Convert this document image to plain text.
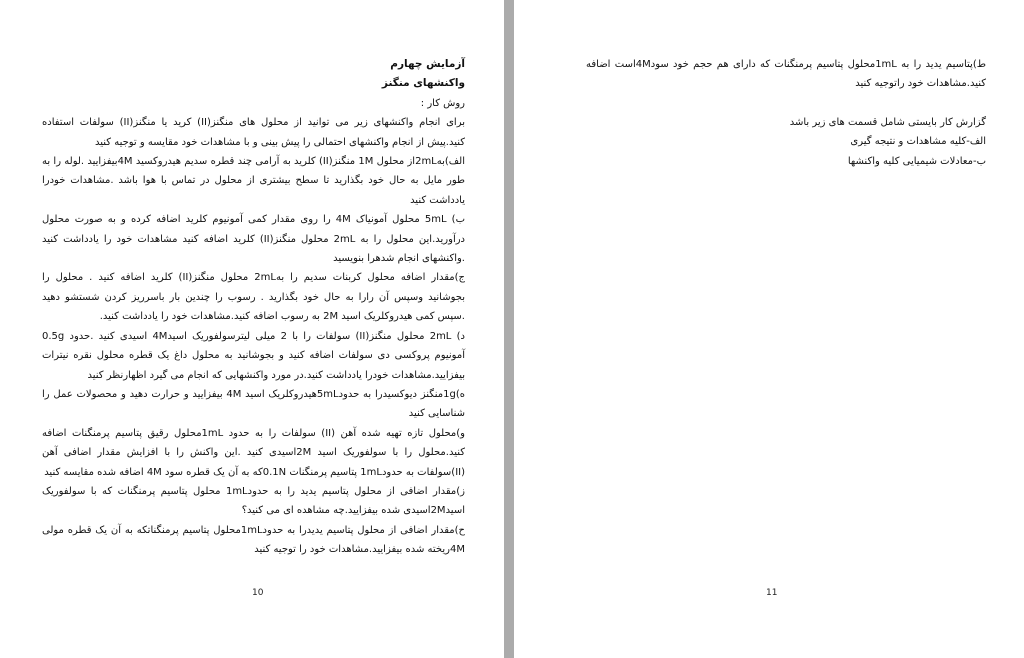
آزمایش چهارم

واکنشهای منگنز

روش کار :

برای انجام واکنشهای زیر می توانید از محلول های منگنز(II) کرید یا منگنز(II) سولفات استفاده کنید.پیش از انجام واکنشهای احتمالی را پیش بینی و با مشاهدات خود مقایسه و توجیه کنید

الف)به2mLاز محلول 1M منگنز(II) کلرید به آرامی چند قطره سدیم هیدروکسید 4Mبیفزایید .لوله را به طور مایل به حال خود بگذارید تا سطح بیشتری از محلول در تماس با هوا باشد .مشاهدات خودرا یادداشت کنید

ب) 5mL محلول آمونیاک 4M را روی مقدار کمی آمونیوم کلرید اضافه کرده و به صورت محلول درآورید.این محلول را به 2mL محلول منگنز(II) کلرید اضافه کنید مشاهدات خود را یادداشت کنید .واکنشهای انجام شدهرا بنویسید

ج)مقدار اضافه محلول کربنات سدیم را به2mL محلول منگنز(II) کلرید اضافه کنید . محلول را بجوشانید وسپس آن رارا به حال خود بگذارید . رسوب را چندین بار باسرریز کردن شستشو دهید .سپس کمی هیدروکلریک اسید 2M به رسوب اضافه کنید.مشاهدات خود را یادداشت کنید.

د) 2mL محلول منگنز(II) سولفات را با 2 میلی لیترسولفوریک اسید4M اسیدی کنید .حدود 0.5g آمونیوم پروکسی دی سولفات اضافه کنید و بجوشانید به محلول داغ یک قطره محلول نقره نیترات بیفزایید.مشاهدات خودرا یادداشت کنید.در مورد واکنشهایی که انجام می گیرد اظهارنظر کنید

ه)1gمنگنز دیوکسیدرا به حدود5mLهیدروکلریک اسید 4M بیفزایید و حرارت دهید و محصولات عمل را شناسایی کنید

و)محلول تازه تهیه شده آهن (II) سولفات را به حدود 1mLمحلول رقیق پتاسیم پرمنگنات اضافه کنید.محلول را با سولفوریک اسید 2Mاسیدی کنید .این واکنش را با افزایش مقدار اضافی آهن (II)سولفات به حدود1mL پتاسیم پرمنگنات 0.1Nکه به آن یک قطره سود 4M اضافه شده مقایسه کنید

ز)مقدار اضافی از محلول پتاسیم یدید را به حدود1mL محلول پتاسیم پرمنگنات که با سولفوریک اسید2Mاسیدی شده بیفزایید.چه مشاهده ای می کنید؟

ح)مقدار اضافی از محلول پتاسیم یدیدرا به حدود1mLمحلول پتاسیم پرمنگناتکه به آن یک قطره مولی 4Mریخته شده بیفزایید.مشاهدات خود را توجیه کنید

10

ط)پتاسیم یدید را به 1mLمحلول پتاسیم پرمنگنات که دارای هم حجم خود سود4Mاست اضافه کنید.مشاهدات خود راتوجیه کنید

گزارش کار بایستی شامل قسمت های زیر باشد

الف-کلیه مشاهدات و نتیجه گیری

ب-معادلات شیمیایی کلیه واکنشها

11
